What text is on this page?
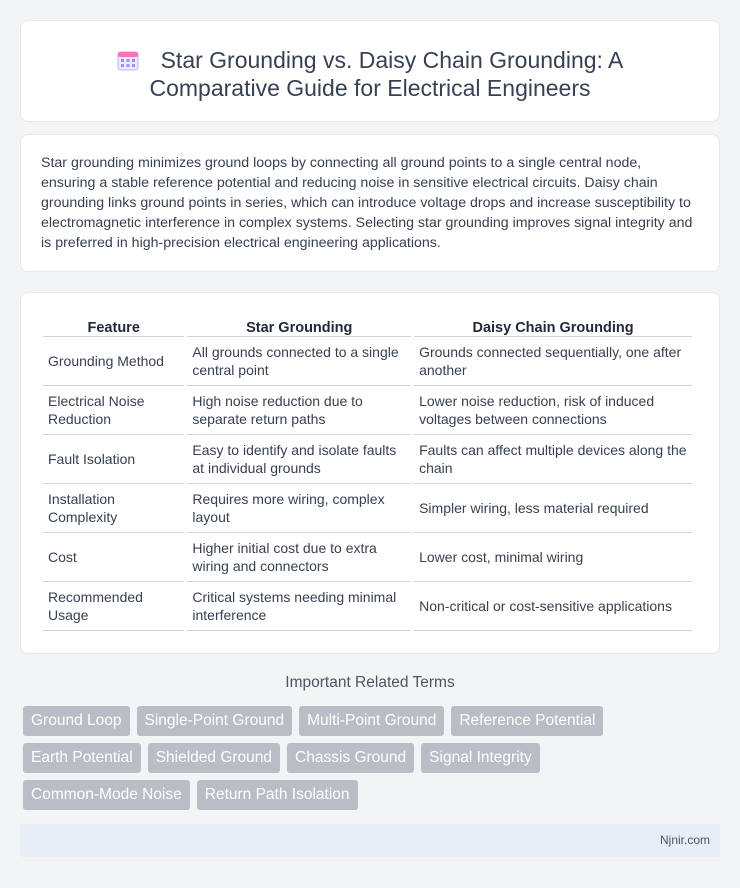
Star Grounding vs. Daisy Chain Grounding: A
Comparative Guide for Electrical Engineers

Star grounding minimizes ground loops by connecting all ground points to a single central node, ensuring a stable reference potential and reducing noise in sensitive electrical circuits. Daisy chain grounding links ground points in series, which can introduce voltage drops and increase susceptibility to electromagnetic interference in complex systems. Selecting star grounding improves signal integrity and is preferred in high-precision electrical engineering applications.

Feature	Star Grounding	Daisy Chain Grounding
Grounding Method	All grounds connected to a single central point	Grounds connected sequentially, one after another
Electrical Noise Reduction	High noise reduction due to separate return paths	Lower noise reduction, risk of induced voltages between connections
Fault Isolation	Easy to identify and isolate faults at individual grounds	Faults can affect multiple devices along the chain
Installation Complexity	Requires more wiring, complex layout	Simpler wiring, less material required
Cost	Higher initial cost due to extra wiring and connectors	Lower cost, minimal wiring
Recommended Usage	Critical systems needing minimal interference	Non-critical or cost-sensitive applications
Important Related Terms
Ground Loop	Single-Point Ground	Multi-Point Ground	Reference Potential
Earth Potential	Shielded Ground	Chassis Ground	Signal Integrity
Common-Mode Noise	Return Path Isolation
Njnir.com
